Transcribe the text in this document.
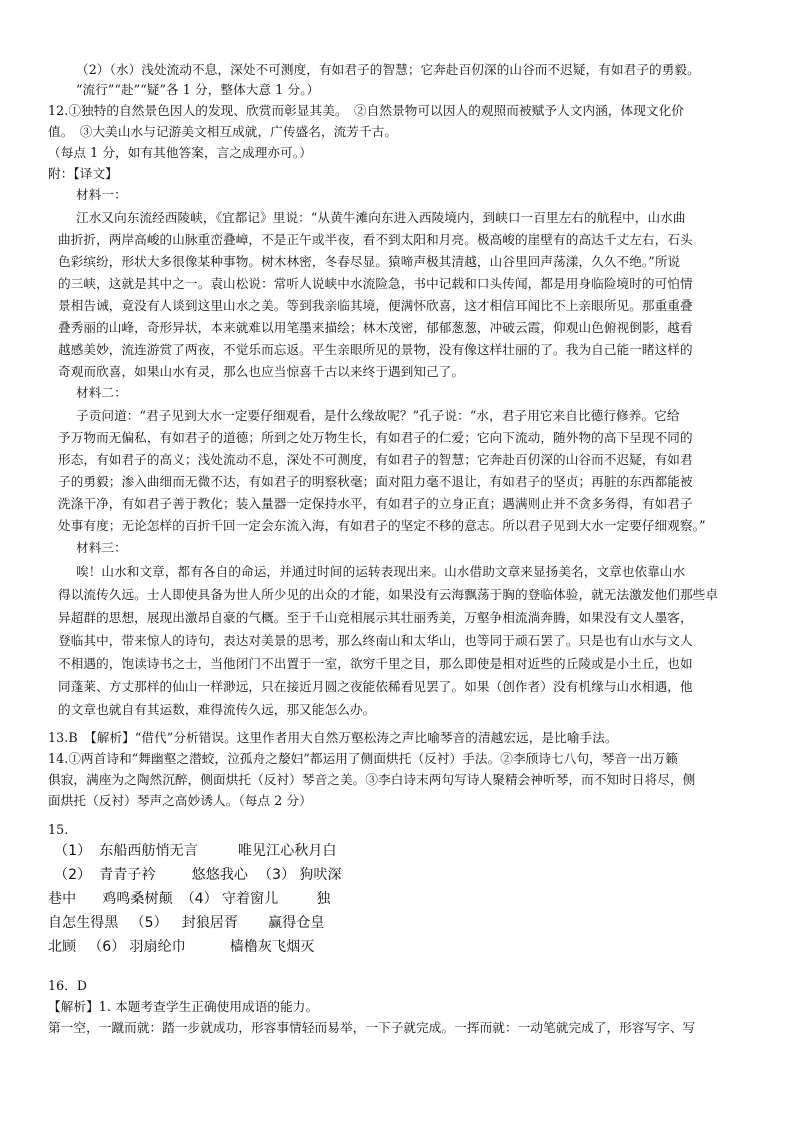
（2）（水）浅处流动不息，深处不可测度，有如君子的智慧；它奔赴百仞深的山谷而不迟疑，有如君子的勇毅。
“流行”“赴”“疑”各 1 分，整体大意 1 分。）
12.①独特的自然景色因人的发现、欣赏而彰显其美。　②自然景物可以因人的观照而被赋予人文内涵，体现文化价
值。　③大美山水与记游美文相互成就，广传盛名，流芳千古。
（每点 1 分，如有其他答案，言之成理亦可。）
附：【译文】
材料一：
江水又向东流经西陵峡，《宜都记》里说：“从黄牛滩向东进入西陵境内，到峡口一百里左右的航程中，山水曲
曲折折，两岸高峻的山脉重峦叠嶂，不是正午或半夜，看不到太阳和月亮。极高峻的崖壁有的高达千丈左右，石头
色彩缤纷，形状大多很像某种事物。树木林密，冬春尽显。猿啼声极其清越，山谷里回声荡漾，久久不绝。”所说
的三峡，这就是其中之一。袁山松说：常听人说峡中水流险急，书中记载和口头传闻，都是用身临险境时的可怕情
景相告诫，竟没有人谈到这里山水之美。等到我亲临其境，便满怀欣喜，这才相信耳闻比不上亲眼所见。那重重叠
叠秀丽的山峰，奇形异状，本来就难以用笔墨来描绘；林木茂密，郁郁葱葱，冲破云霞，仰观山色俯视倒影，越看
越感美妙，流连游赏了两夜，不觉乐而忘返。平生亲眼所见的景物，没有像这样壮丽的了。我为自己能一睹这样的
奇观而欣喜，如果山水有灵，那么也应当惊喜千古以来终于遇到知己了。
材料二：
子贡问道：“君子见到大水一定要仔细观看，是什么缘故呢？”孔子说：“水，君子用它来自比德行修养。它给
予万物而无偏私，有如君子的道德；所到之处万物生长，有如君子的仁爱；它向下流动，随外物的高下呈现不同的
形态，有如君子的高义；浅处流动不息，深处不可测度，有如君子的智慧；它奔赴百仞深的山谷而不迟疑，有如君
子的勇毅；渗入曲细而无微不达，有如君子的明察秋毫；面对阻力毫不退让，有如君子的坚贞；再脏的东西都能被
洗涤干净，有如君子善于教化；装入量器一定保持水平，有如君子的立身正直；遇满则止并不贪多务得，有如君子
处事有度；无论怎样的百折千回一定会东流入海，有如君子的坚定不移的意志。所以君子见到大水一定要仔细观察。”
材料三：
唉！山水和文章，都有各自的命运，并通过时间的运转表现出来。山水借助文章来显扬美名，文章也依靠山水
得以流传久远。士人即使具备为世人所少见的出众的才能，如果没有云海飘荡于胸的登临体验，就无法激发他们那些卓
异超群的思想，展现出激昂自豪的气概。至于千山竞相展示其壮丽秀美，万壑争相流淌奔腾，如果没有文人墨客，
登临其中，带来惊人的诗句，表达对美景的思考，那么终南山和太华山，也等同于顽石罢了。只是也有山水与文人
不相遇的，饱读诗书之士，当他闭门不出置于一室，欲穷千里之目，那么即使是相对近些的丘陵或是小土丘，也如
同蓬莱、方丈那样的仙山一样渺远，只在接近月圆之夜能依稀看见罢了。如果（创作者）没有机缘与山水相遇，他
的文章也就自有其运数，难得流传久远，那又能怎么办。
13.B　【解析】“借代”分析错误。这里作者用大自然万壑松涛之声比喻琴音的清越宏远，是比喻手法。
14.①两首诗和“舞幽壑之潜蛟，泣孤舟之嫠妇”都运用了侧面烘托（反衬）手法。②李颀诗七八句，琴音一出万籁
俱寂，满座为之陶然沉醉，侧面烘托（反衬）琴音之美。③李白诗末两句写诗人聚精会神听琴，而不知时日将尽，侧
面烘托（反衬）琴声之高妙诱人。（每点 2 分）
15.
（1） 东船西舫悄无言	唯见江心秋月白
（2） 青青子衿	悠悠我心 （3） 狗吠深
巷中 鸡鸣桑树颠 （4） 守着窗儿	独
自怎生得黑 （5） 封狼居胥 赢得仓皇
北顾 （6） 羽扇纶巾	樯橹灰飞烟灭
16．D
【解析】1. 本题考查学生正确使用成语的能力。
第一空，一蹴而就：踏一步就成功，形容事情轻而易举，一下子就完成。一挥而就：一动笔就完成了，形容写字、写
